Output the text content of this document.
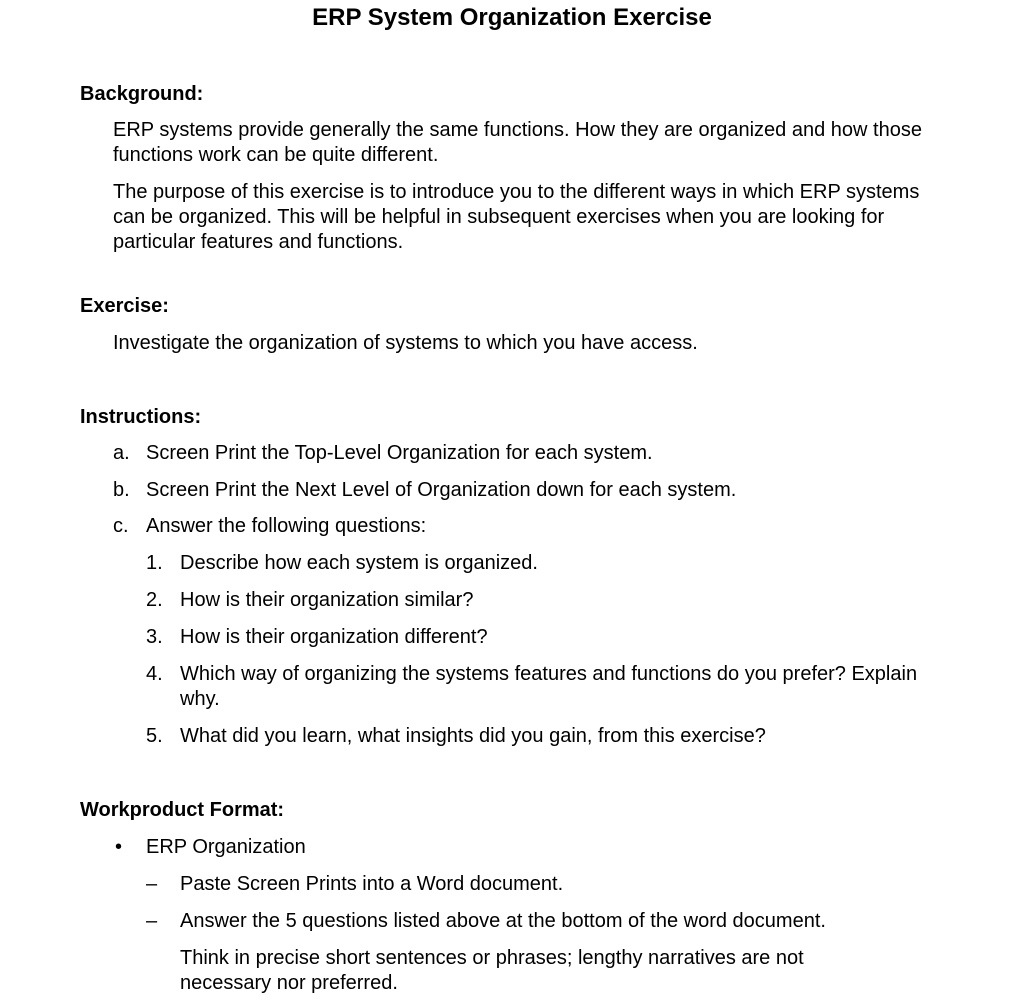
ERP System Organization Exercise
Background:
ERP systems provide generally the same functions. How they are organized and how those functions work can be quite different.
The purpose of this exercise is to introduce you to the different ways in which ERP systems can be organized. This will be helpful in subsequent exercises when you are looking for particular features and functions.
Exercise:
Investigate the organization of systems to which you have access.
Instructions:
a. Screen Print the Top-Level Organization for each system.
b. Screen Print the Next Level of Organization down for each system.
c. Answer the following questions:
1. Describe how each system is organized.
2. How is their organization similar?
3. How is their organization different?
4. Which way of organizing the systems features and functions do you prefer? Explain why.
5. What did you learn, what insights did you gain, from this exercise?
Workproduct Format:
• ERP Organization
– Paste Screen Prints into a Word document.
– Answer the 5 questions listed above at the bottom of the word document.
Think in precise short sentences or phrases; lengthy narratives are not necessary nor preferred.
